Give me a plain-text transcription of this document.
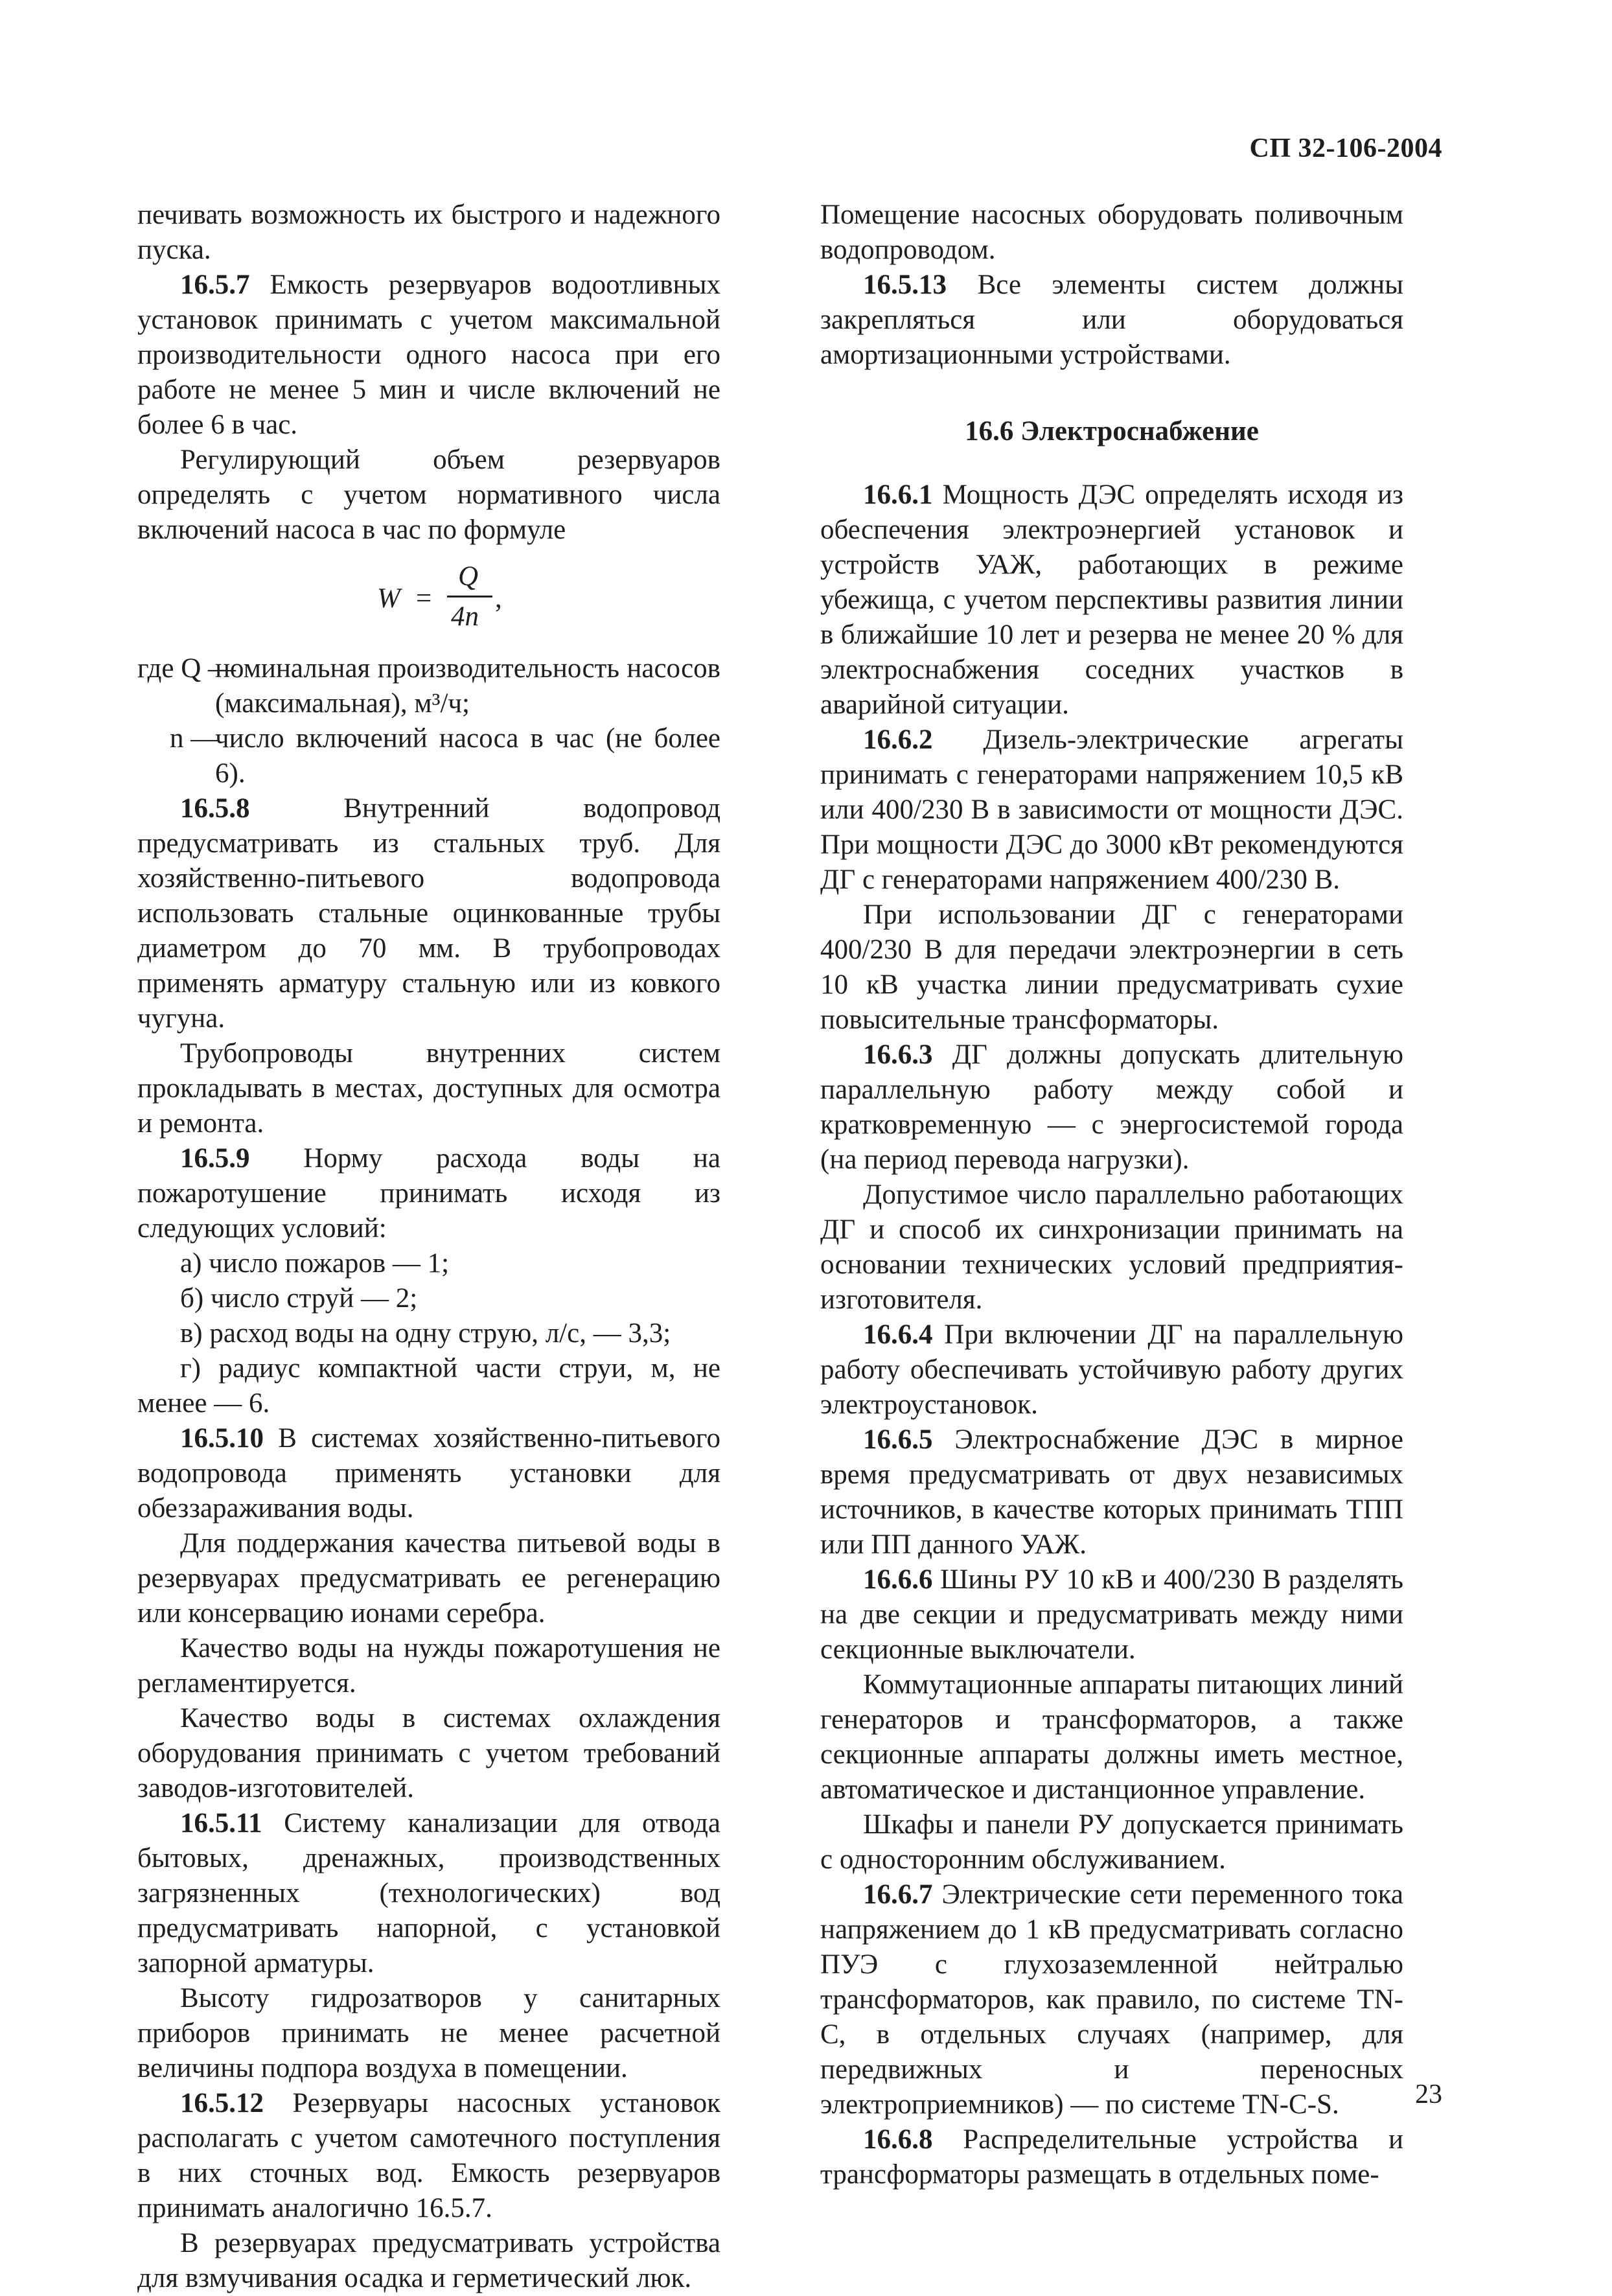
СП 32-106-2004

печивать возможность их быстрого и надежного пуска.

16.5.7 Емкость резервуаров водоотливных установок принимать с учетом максимальной производительности одного насоса при его работе не менее 5 мин и числе включений не более 6 в час.

Регулирующий объем резервуаров определять с учетом нормативного числа включений насоса в час по формуле

W =
Q
4n
,
где Q —

номинальная производительность насосов (максимальная), м³/ч;

n —

число включений насоса в час (не более 6).

16.5.8 Внутренний водопровод предусматривать из стальных труб. Для хозяйственно-питьевого водопровода использовать стальные оцинкованные трубы диаметром до 70 мм. В трубопроводах применять арматуру стальную или из ковкого чугуна.

Трубопроводы внутренних систем прокладывать в местах, доступных для осмотра и ремонта.

16.5.9 Норму расхода воды на пожаротушение принимать исходя из следующих условий:

а) число пожаров — 1;

б) число струй — 2;

в) расход воды на одну струю, л/с, — 3,3;

г) радиус компактной части струи, м, не менее — 6.

16.5.10 В системах хозяйственно-питьевого водопровода применять установки для обеззараживания воды.

Для поддержания качества питьевой воды в резервуарах предусматривать ее регенерацию или консервацию ионами серебра.

Качество воды на нужды пожаротушения не регламентируется.

Качество воды в системах охлаждения оборудования принимать с учетом требований заводов-изготовителей.

16.5.11 Систему канализации для отвода бытовых, дренажных, производственных загрязненных (технологических) вод предусматривать напорной, с установкой запорной арматуры.

Высоту гидрозатворов у санитарных приборов принимать не менее расчетной величины подпора воздуха в помещении.

16.5.12 Резервуары насосных установок располагать с учетом самотечного поступления в них сточных вод. Емкость резервуаров принимать аналогично 16.5.7.

В резервуарах предусматривать устройства для взмучивания осадка и герметический люк.

Помещение насосных оборудовать поливочным водопроводом.

16.5.13 Все элементы систем должны закрепляться или оборудоваться амортизационными устройствами.

16.6 Электроснабжение

16.6.1 Мощность ДЭС определять исходя из обеспечения электроэнергией установок и устройств УАЖ, работающих в режиме убежища, с учетом перспективы развития линии в ближайшие 10 лет и резерва не менее 20 % для электроснабжения соседних участков в аварийной ситуации.

16.6.2 Дизель-электрические агрегаты принимать с генераторами напряжением 10,5 кВ или 400/230 В в зависимости от мощности ДЭС. При мощности ДЭС до 3000 кВт рекомендуются ДГ с генераторами напряжением 400/230 В.

При использовании ДГ с генераторами 400/230 В для передачи электроэнергии в сеть 10 кВ участка линии предусматривать сухие повысительные трансформаторы.

16.6.3 ДГ должны допускать длительную параллельную работу между собой и кратковременную — с энергосистемой города (на период перевода нагрузки).

Допустимое число параллельно работающих ДГ и способ их синхронизации принимать на основании технических условий предприятия-изготовителя.

16.6.4 При включении ДГ на параллельную работу обеспечивать устойчивую работу других электроустановок.

16.6.5 Электроснабжение ДЭС в мирное время предусматривать от двух независимых источников, в качестве которых принимать ТПП или ПП данного УАЖ.

16.6.6 Шины РУ 10 кВ и 400/230 В разделять на две секции и предусматривать между ними секционные выключатели.

Коммутационные аппараты питающих линий генераторов и трансформаторов, а также секционные аппараты должны иметь местное, автоматическое и дистанционное управление.

Шкафы и панели РУ допускается принимать с односторонним обслуживанием.

16.6.7 Электрические сети переменного тока напряжением до 1 кВ предусматривать согласно ПУЭ с глухозаземленной нейтралью трансформаторов, как правило, по системе TN-C, в отдельных случаях (например, для передвижных и переносных электроприемников) — по системе TN-C-S.

16.6.8 Распределительные устройства и трансформаторы размещать в отдельных поме-

23
